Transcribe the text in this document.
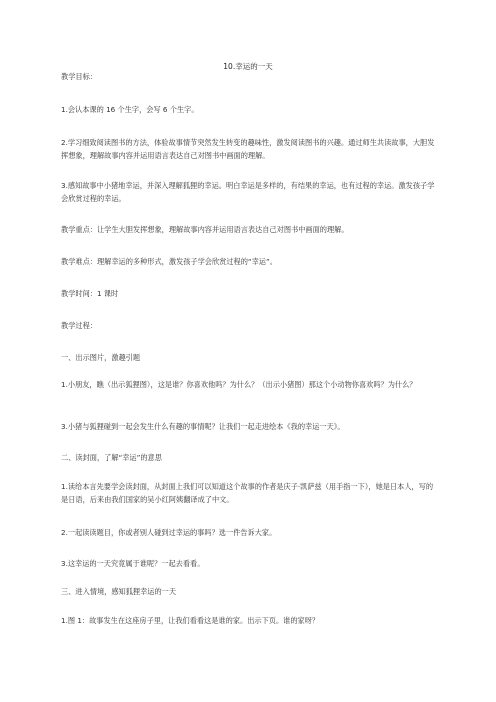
10.幸运的一天
教学目标：
1.会认本课的 16 个生字，会写 6 个生字。
2.学习细致阅读图书的方法，体验故事情节突然发生转变的趣味性，激发阅读图书的兴趣。通过师生共读故事，大胆发挥想象，理解故事内容并运用语言表达自己对图书中画面的理解。
3.感知故事中小猪地幸运，并深入理解狐狸的幸运。明白幸运是多样的，有结果的幸运，也有过程的幸运。激发孩子学会欣赏过程的幸运。
教学重点：让学生大胆发挥想象，理解故事内容并运用语言表达自己对图书中画面的理解。
教学难点：理解幸运的多种形式，激发孩子学会欣赏过程的“幸运”。
教学时间：1 课时
教学过程：
一、出示图片，激趣引题
1.小朋友，瞧（出示狐狸图），这是谁？你喜欢他吗？为什么？（出示小猪图）那这个小动物你喜欢吗？为什么？
3.小猪与狐狸碰到一起会发生什么有趣的事情呢？让我们一起走进绘本《我的幸运一天》。
二、读封面，了解“幸运”的意思
1.读给本言先要学会读封面，从封面上我们可以知道这个故事的作者是庆子·凯萨兹（用手指一下），她是日本人，写的是日语，后来由我们国家的吴小红阿姨翻译成了中文。
2.一起读读题目，你或者别人碰到过幸运的事吗？选一件告诉大家。
3.这幸运的一天究竟属于谁呢？一起去看看。
三、进入情境，感知狐狸幸运的一天
1.图 1：故事发生在这座房子里，让我们看看这是谁的家。出示下页。谁的家呀？
